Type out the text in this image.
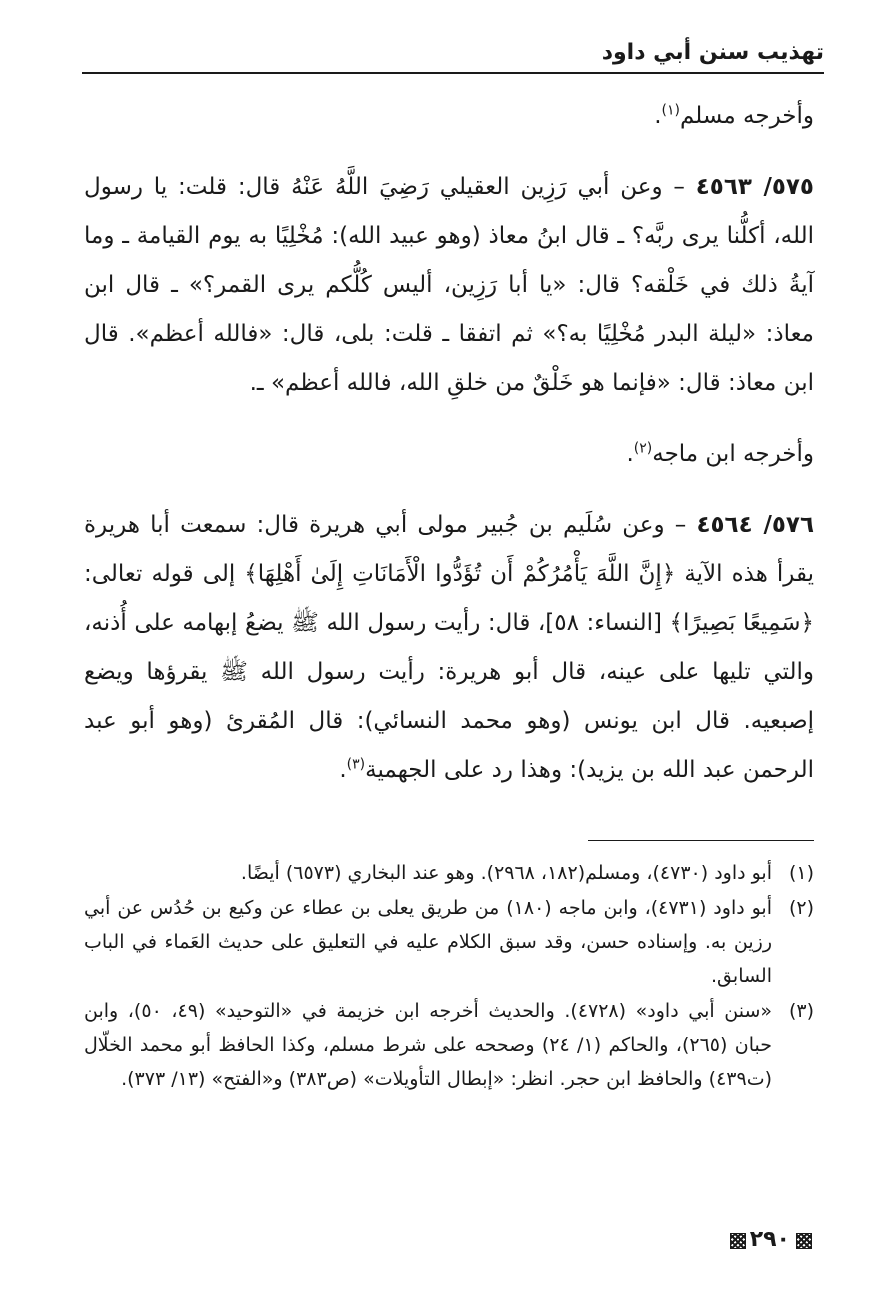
تهذيب سنن أبي داود

وأخرجه مسلم$^{(١)}$.

٥٧٥/ ٤٥٦٣ – وعن أبي رَزِين العقيلي رَضِيَ اللَّهُ عَنْهُ قال: قلت: يا رسول الله، أكلُّنا يرى ربَّه؟ ـ قال ابنُ معاذ (وهو عبيد الله): مُخْلِيًا به يوم القيامة ـ وما آيةُ ذلك في خَلْقه؟ قال: «يا أبا رَزِين، أليس كُلُّكم يرى القمر؟» ـ قال ابن معاذ: «ليلة البدر مُخْلِيًا به؟» ثم اتفقا ـ قلت: بلى، قال: «فالله أعظم». قال ابن معاذ: قال: «فإنما هو خَلْقٌ من خلقِ الله، فالله أعظم» ـ.

وأخرجه ابن ماجه$^{(٢)}$.

٥٧٦/ ٤٥٦٤ – وعن سُلَيم بن جُبير مولى أبي هريرة قال: سمعت أبا هريرة يقرأ هذه الآية ﴿إِنَّ اللَّهَ يَأْمُرُكُمْ أَن تُؤَدُّوا الْأَمَانَاتِ إِلَىٰ أَهْلِهَا﴾ إلى قوله تعالى: ﴿سَمِيعًا بَصِيرًا﴾ [النساء: ٥٨]، قال: رأيت رسول الله ﷺ يضعُ إبهامه على أُذنه، والتي تليها على عينه، قال أبو هريرة: رأيت رسول الله ﷺ يقرؤها ويضع إصبعيه. قال ابن يونس (وهو محمد النسائي): قال المُقرئ (وهو أبو عبد الرحمن عبد الله بن يزيد): وهذا رد على الجهمية$^{(٣)}$.

(١)
أبو داود (٤٧٣٠)، ومسلم(١٨٢، ٢٩٦٨). وهو عند البخاري (٦٥٧٣) أيضًا.
(٢)
أبو داود (٤٧٣١)، وابن ماجه (١٨٠) من طريق يعلى بن عطاء عن وكيع بن حُدُس عن أبي رزين به. وإسناده حسن، وقد سبق الكلام عليه في التعليق على حديث العَماء في الباب السابق.
(٣)
«سنن أبي داود» (٤٧٢٨). والحديث أخرجه ابن خزيمة في «التوحيد» (٤٩، ٥٠)، وابن حبان (٢٦٥)، والحاكم (١/ ٢٤) وصححه على شرط مسلم، وكذا الحافظ أبو محمد الخلّال (ت٤٣٩) والحافظ ابن حجر. انظر: «إبطال التأويلات» (ص٣٨٣) و«الفتح» (١٣/ ٣٧٣).
٢٩٠
